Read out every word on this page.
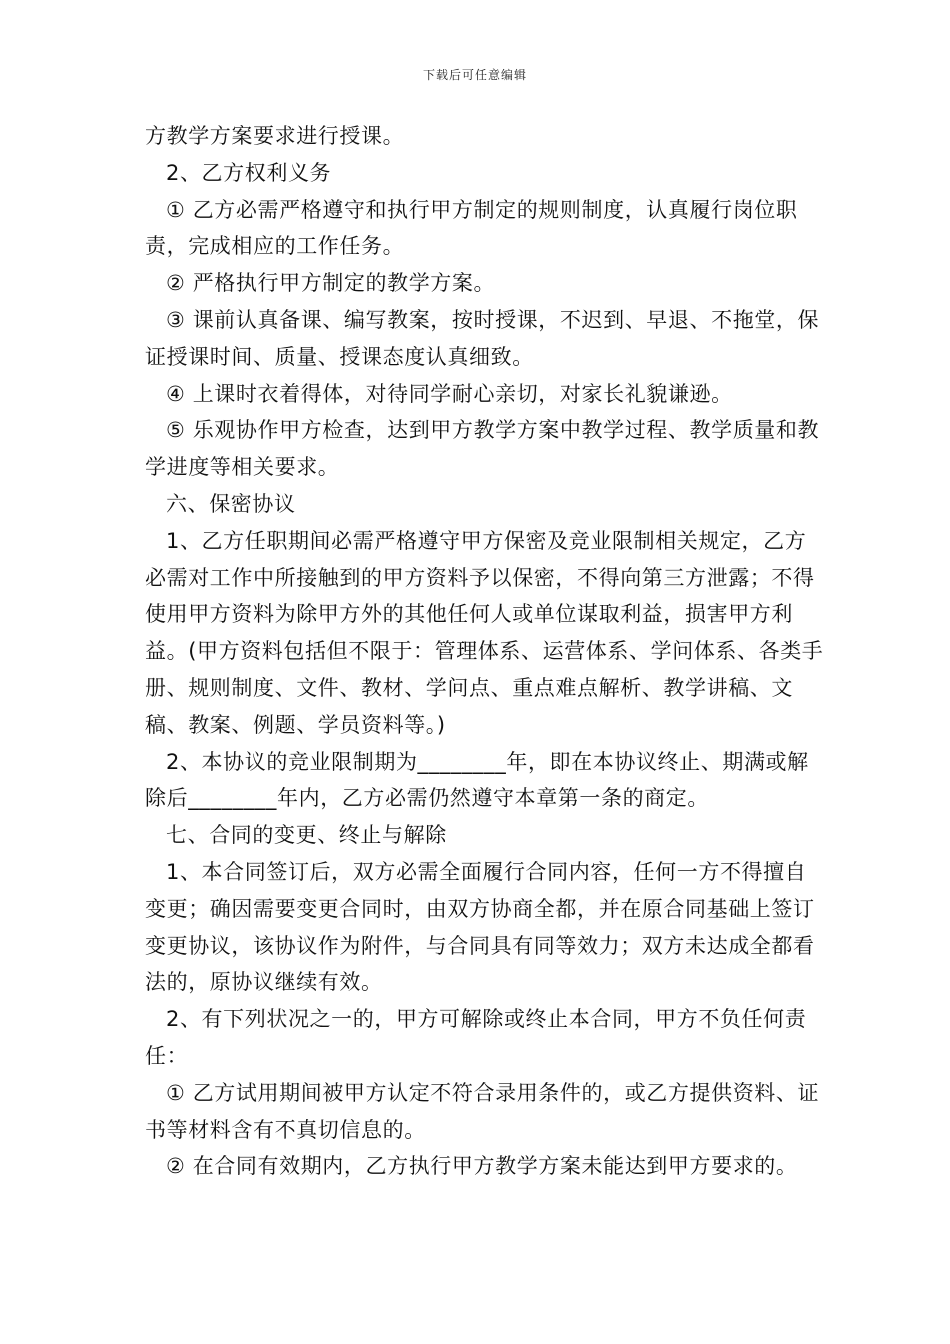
下载后可任意编辑

方教学方案要求进行授课。

2、乙方权利义务

① 乙方必需严格遵守和执行甲方制定的规则制度，认真履行岗位职责，完成相应的工作任务。

② 严格执行甲方制定的教学方案。

③ 课前认真备课、编写教案，按时授课，不迟到、早退、不拖堂，保证授课时间、质量、授课态度认真细致。

④ 上课时衣着得体，对待同学耐心亲切，对家长礼貌谦逊。

⑤ 乐观协作甲方检查，达到甲方教学方案中教学过程、教学质量和教学进度等相关要求。

六、保密协议

1、乙方任职期间必需严格遵守甲方保密及竞业限制相关规定，乙方必需对工作中所接触到的甲方资料予以保密，不得向第三方泄露；不得使用甲方资料为除甲方外的其他任何人或单位谋取利益，损害甲方利益。(甲方资料包括但不限于：管理体系、运营体系、学问体系、各类手册、规则制度、文件、教材、学问点、重点难点解析、教学讲稿、文稿、教案、例题、学员资料等。)

2、本协议的竞业限制期为________年，即在本协议终止、期满或解除后________年内，乙方必需仍然遵守本章第一条的商定。

七、合同的变更、终止与解除

1、本合同签订后，双方必需全面履行合同内容，任何一方不得擅自变更；确因需要变更合同时，由双方协商全都，并在原合同基础上签订变更协议，该协议作为附件，与合同具有同等效力；双方未达成全都看法的，原协议继续有效。

2、有下列状况之一的，甲方可解除或终止本合同，甲方不负任何责任：

① 乙方试用期间被甲方认定不符合录用条件的，或乙方提供资料、证书等材料含有不真切信息的。

② 在合同有效期内，乙方执行甲方教学方案未能达到甲方要求的。
